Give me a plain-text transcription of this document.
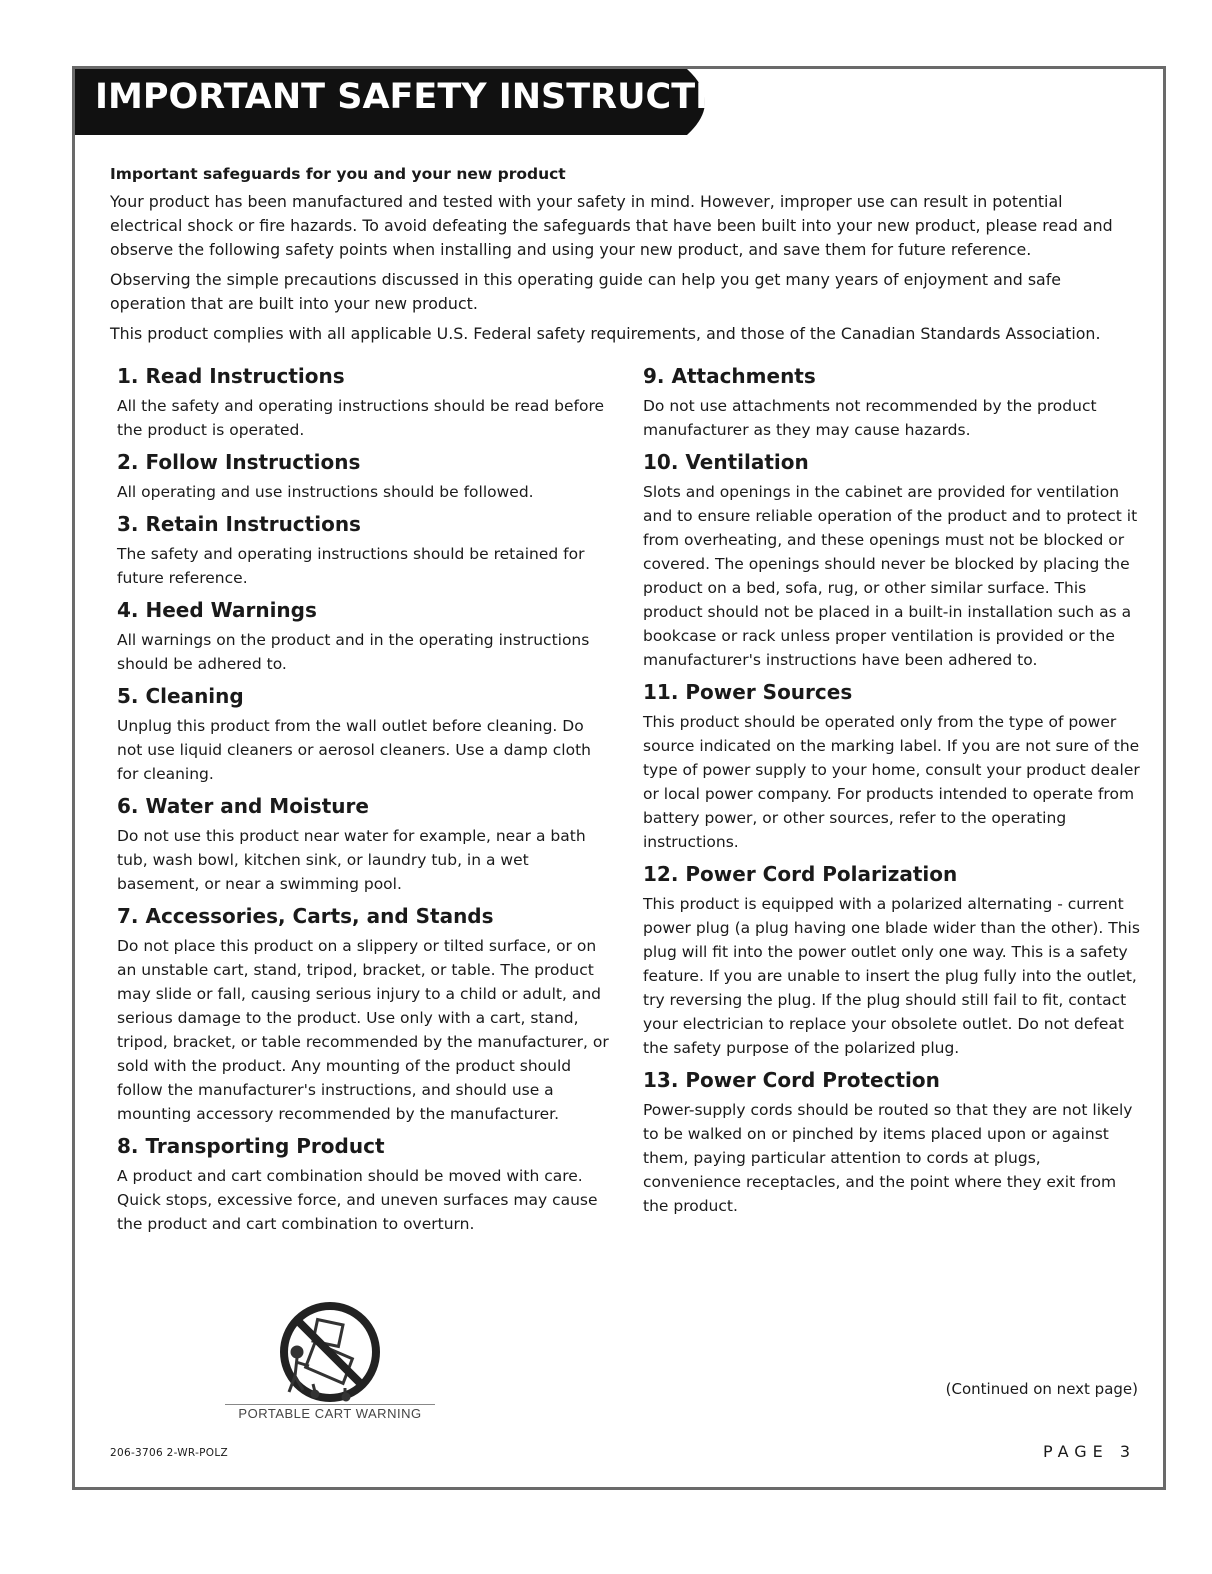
IMPORTANT SAFETY INSTRUCTIONS
Important safeguards for you and your new product

Your product has been manufactured and tested with your safety in mind. However, improper use can result in potential electrical shock or fire hazards. To avoid defeating the safeguards that have been built into your new product, please read and observe the following safety points when installing and using your new product, and save them for future reference.

Observing the simple precautions discussed in this operating guide can help you get many years of enjoyment and safe operation that are built into your new product.

This product complies with all applicable U.S. Federal safety requirements, and those of the Canadian Standards Association.

1. Read Instructions

All the safety and operating instructions should be read before the product is operated.

2. Follow Instructions

All operating and use instructions should be followed.

3. Retain Instructions

The safety and operating instructions should be retained for future reference.

4. Heed Warnings

All warnings on the product and in the operating instructions should be adhered to.

5. Cleaning

Unplug this product from the wall outlet before cleaning. Do not use liquid cleaners or aerosol cleaners. Use a damp cloth for cleaning.

6. Water and Moisture

Do not use this product near water for example, near a bath tub, wash bowl, kitchen sink, or laundry tub, in a wet basement, or near a swimming pool.

7. Accessories, Carts, and Stands

Do not place this product on a slippery or tilted surface, or on an unstable cart, stand, tripod, bracket, or table. The product may slide or fall, causing serious injury to a child or adult, and serious damage to the product. Use only with a cart, stand, tripod, bracket, or table recommended by the manufacturer, or sold with the product. Any mounting of the product should follow the manufacturer's instructions, and should use a mounting accessory recommended by the manufacturer.

8. Transporting Product

A product and cart combination should be moved with care. Quick stops, excessive force, and uneven surfaces may cause the product and cart combination to overturn.

9. Attachments

Do not use attachments not recommended by the product manufacturer as they may cause hazards.

10. Ventilation

Slots and openings in the cabinet are provided for ventilation and to ensure reliable operation of the product and to protect it from overheating, and these openings must not be blocked or covered. The openings should never be blocked by placing the product on a bed, sofa, rug, or other similar surface. This product should not be placed in a built-in installation such as a bookcase or rack unless proper ventilation is provided or the manufacturer's instructions have been adhered to.

11. Power Sources

This product should be operated only from the type of power source indicated on the marking label. If you are not sure of the type of power supply to your home, consult your product dealer or local power company. For products intended to operate from battery power, or other sources, refer to the operating instructions.

12. Power Cord Polarization

This product is equipped with a polarized alternating - current power plug (a plug having one blade wider than the other). This plug will fit into the power outlet only one way. This is a safety feature. If you are unable to insert the plug fully into the outlet, try reversing the plug. If the plug should still fail to fit, contact your electrician to replace your obsolete outlet. Do not defeat the safety purpose of the polarized plug.

13. Power Cord Protection

Power-supply cords should be routed so that they are not likely to be walked on or pinched by items placed upon or against them, paying particular attention to cords at plugs, convenience receptacles, and the point where they exit from the product.

PORTABLE CART WARNING
(Continued on next page)
206-3706 2-WR-POLZ	PAGE 3
